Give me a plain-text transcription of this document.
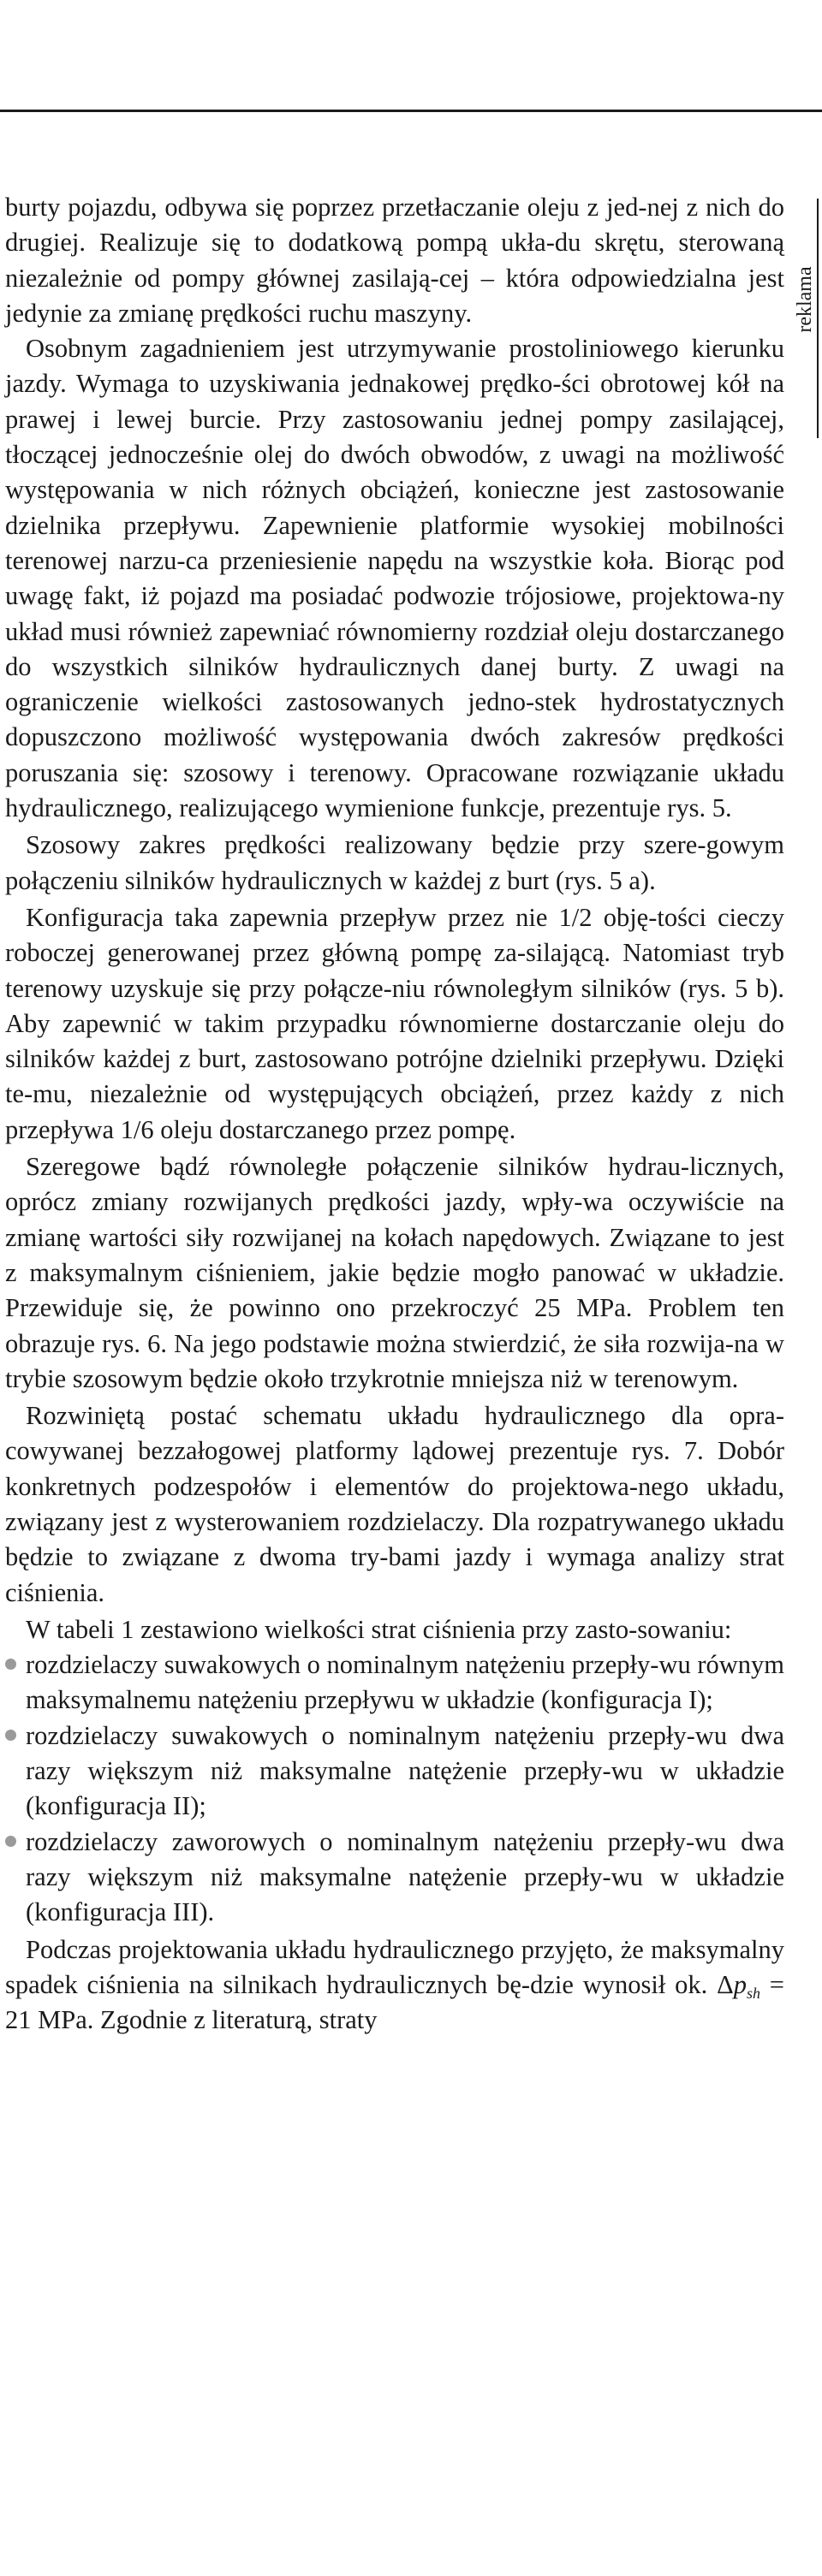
reklama

burty pojazdu, odbywa się poprzez przetłaczanie oleju z jed-nej z nich do drugiej. Realizuje się to dodatkową pompą ukła-du skrętu, sterowaną niezależnie od pompy głównej zasilają-cej – która odpowiedzialna jest jedynie za zmianę prędkości ruchu maszyny.

Osobnym zagadnieniem jest utrzymywanie prostoliniowego kierunku jazdy. Wymaga to uzyskiwania jednakowej prędko-ści obrotowej kół na prawej i lewej burcie. Przy zastosowaniu jednej pompy zasilającej, tłoczącej jednocześnie olej do dwóch obwodów, z uwagi na możliwość występowania w nich różnych obciążeń, konieczne jest zastosowanie dzielnika przepływu. Zapewnienie platformie wysokiej mobilności terenowej narzu-ca przeniesienie napędu na wszystkie koła. Biorąc pod uwagę fakt, iż pojazd ma posiadać podwozie trójosiowe, projektowa-ny układ musi również zapewniać równomierny rozdział oleju dostarczanego do wszystkich silników hydraulicznych danej burty. Z uwagi na ograniczenie wielkości zastosowanych jedno-stek hydrostatycznych dopuszczono możliwość występowania dwóch zakresów prędkości poruszania się: szosowy i terenowy. Opracowane rozwiązanie układu hydraulicznego, realizującego wymienione funkcje, prezentuje rys. 5.

Szosowy zakres prędkości realizowany będzie przy szere-gowym połączeniu silników hydraulicznych w każdej z burt (rys. 5 a).

Konfiguracja taka zapewnia przepływ przez nie 1/2 obję-tości cieczy roboczej generowanej przez główną pompę za-silającą. Natomiast tryb terenowy uzyskuje się przy połącze-niu równoległym silników (rys. 5 b). Aby zapewnić w takim przypadku równomierne dostarczanie oleju do silników każdej z burt, zastosowano potrójne dzielniki przepływu. Dzięki te-mu, niezależnie od występujących obciążeń, przez każdy z nich przepływa 1/6 oleju dostarczanego przez pompę.

Szeregowe bądź równoległe połączenie silników hydrau-licznych, oprócz zmiany rozwijanych prędkości jazdy, wpły-wa oczywiście na zmianę wartości siły rozwijanej na kołach napędowych. Związane to jest z maksymalnym ciśnieniem, jakie będzie mogło panować w układzie. Przewiduje się, że powinno ono przekroczyć 25 MPa. Problem ten obrazuje rys. 6. Na jego podstawie można stwierdzić, że siła rozwija-na w trybie szosowym będzie około trzykrotnie mniejsza niż w terenowym.

Rozwiniętą postać schematu układu hydraulicznego dla opra-cowywanej bezzałogowej platformy lądowej prezentuje rys. 7. Dobór konkretnych podzespołów i elementów do projektowa-nego układu, związany jest z wysterowaniem rozdzielaczy. Dla rozpatrywanego układu będzie to związane z dwoma try-bami jazdy i wymaga analizy strat ciśnienia.

W tabeli 1 zestawiono wielkości strat ciśnienia przy zasto-sowaniu:

rozdzielaczy suwakowych o nominalnym natężeniu przepły-wu równym maksymalnemu natężeniu przepływu w układzie (konfiguracja I);
rozdzielaczy suwakowych o nominalnym natężeniu przepły-wu dwa razy większym niż maksymalne natężenie przepły-wu w układzie (konfiguracja II);
rozdzielaczy zaworowych o nominalnym natężeniu przepły-wu dwa razy większym niż maksymalne natężenie przepły-wu w układzie (konfiguracja III).

Podczas projektowania układu hydraulicznego przyjęto, że maksymalny spadek ciśnienia na silnikach hydraulicznych bę-dzie wynosił ok. $\Delta p_{sh} = 21$ MPa. Zgodnie z literaturą, straty
